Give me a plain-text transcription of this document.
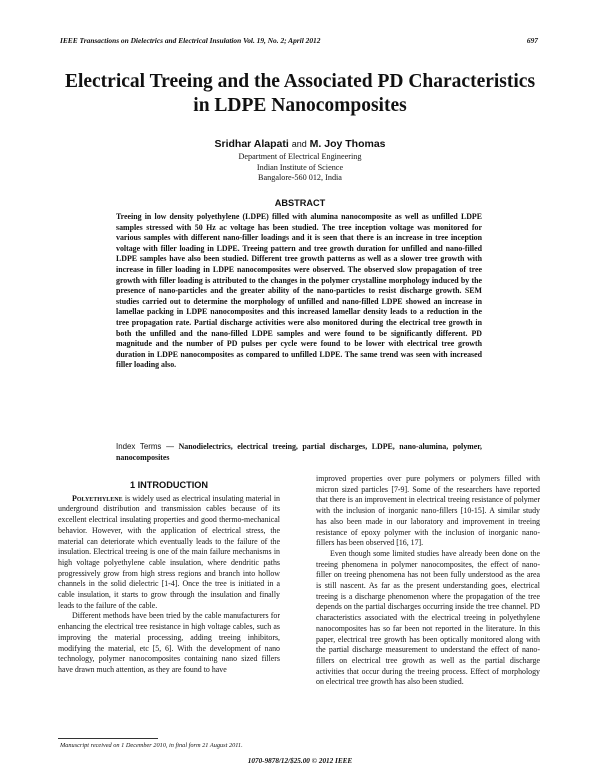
IEEE Transactions on Dielectrics and Electrical Insulation Vol. 19, No. 2; April 2012	697
Electrical Treeing and the Associated PD Characteristics
in LDPE Nanocomposites
Sridhar Alapati and M. Joy Thomas
Department of Electrical Engineering
Indian Institute of Science
Bangalore-560 012, India
ABSTRACT
Treeing in low density polyethylene (LDPE) filled with alumina nanocomposite as well as unfilled LDPE samples stressed with 50 Hz ac voltage has been studied. The tree inception voltage was monitored for various samples with different nano-filler loadings and it is seen that there is an increase in tree inception voltage with filler loading in LDPE. Treeing pattern and tree growth duration for unfilled and nano-filled LDPE samples have also been studied. Different tree growth patterns as well as a slower tree growth with increase in filler loading in LDPE nanocomposites were observed. The observed slow propagation of tree growth with filler loading is attributed to the changes in the polymer crystalline morphology induced by the presence of nano-particles and the greater ability of the nano-particles to resist discharge growth. SEM studies carried out to determine the morphology of unfilled and nano-filled LDPE showed an increase in lamellae packing in LDPE nanocomposites and this increased lamellar density leads to a reduction in the tree propagation rate. Partial discharge activities were also monitored during the electrical tree growth in both the unfilled and the nano-filled LDPE samples and were found to be significantly different. PD magnitude and the number of PD pulses per cycle were found to be lower with electrical tree growth duration in LDPE nanocomposites as compared to unfilled LDPE. The same trend was seen with increased filler loading also.
Index Terms — Nanodielectrics, electrical treeing, partial discharges, LDPE, nano-alumina, polymer, nanocomposites
1 INTRODUCTION

Polyethylene is widely used as electrical insulating material in underground distribution and transmission cables because of its excellent electrical insulating properties and good thermo-mechanical behavior. However, with the application of electrical stress, the material can deteriorate which eventually leads to the failure of the insulation. Electrical treeing is one of the main failure mechanisms in high voltage polyethylene cable insulation, where dendritic paths progressively grow from high stress regions and branch into hollow channels in the solid dielectric [1-4]. Once the tree is initiated in a cable insulation, it starts to grow through the insulation and finally leads to the failure of the cable.

Different methods have been tried by the cable manufacturers for enhancing the electrical tree resistance in high voltage cables, such as improving the material processing, adding treeing inhibitors, modifying the material, etc [5, 6]. With the development of nano technology, polymer nanocomposites containing nano sized fillers have drawn much attention, as they are found to have

improved properties over pure polymers or polymers filled with micron sized particles [7-9]. Some of the researchers have reported that there is an improvement in electrical treeing resistance of polymer with the inclusion of inorganic nano-fillers [10-15]. A similar study has also been made in our laboratory and improvement in treeing resistance of epoxy polymer with the inclusion of inorganic nano-fillers has been observed [16, 17].

Even though some limited studies have already been done on the treeing phenomena in polymer nanocomposites, the effect of nano-filler on treeing phenomena has not been fully understood as the area is still nascent. As far as the present understanding goes, electrical treeing is a discharge phenomenon where the propagation of the tree depends on the partial discharges occurring inside the tree channel. PD characteristics associated with the electrical treeing in polyethylene nanocomposites has so far been not reported in the literature. In this paper, electrical tree growth has been optically monitored along with the partial discharge measurement to understand the effect of nano-fillers on electrical tree growth as well as the partial discharge activities that occur during the treeing process. Effect of morphology on electrical tree growth has also been studied.

Manuscript received on 1 December 2010, in final form 21 August 2011.
1070-9878/12/$25.00 © 2012 IEEE
